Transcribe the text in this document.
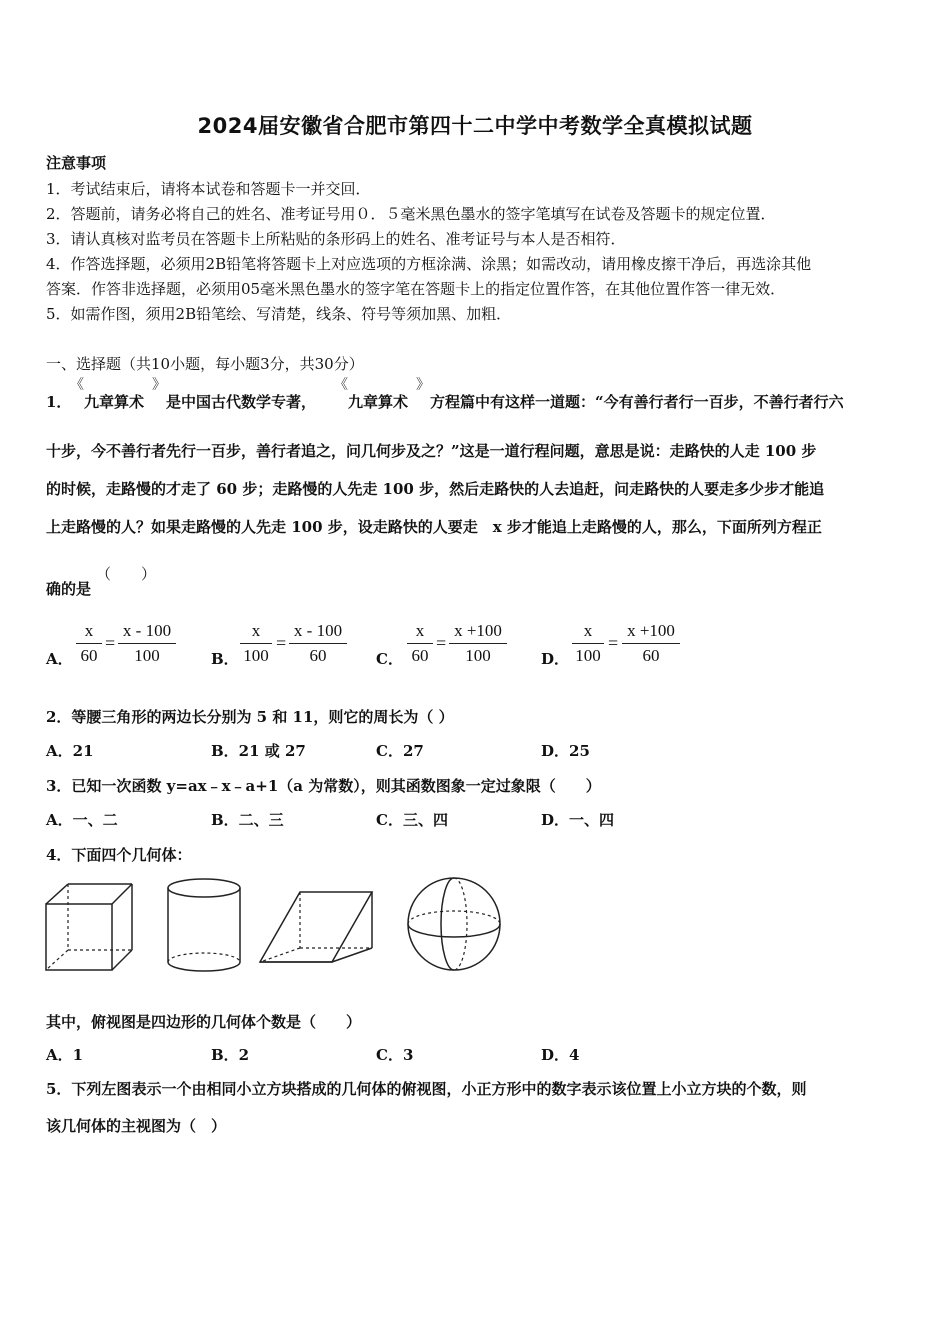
2024届安徽省合肥市第四十二中学中考数学全真模拟试题
注意事项
1．考试结束后，请将本试卷和答题卡一并交回．
2．答题前，请务必将自己的姓名、准考证号用０．５毫米黑色墨水的签字笔填写在试卷及答题卡的规定位置．
3．请认真核对监考员在答题卡上所粘贴的条形码上的姓名、准考证号与本人是否相符．
4．作答选择题，必须用2B铅笔将答题卡上对应选项的方框涂满、涂黑；如需改动，请用橡皮擦干净后，再选涂其他
答案．作答非选择题，必须用05毫米黑色墨水的签字笔在答题卡上的指定位置作答，在其他位置作答一律无效．
5．如需作图，须用2B铅笔绘、写清楚，线条、符号等须加黑、加粗．
一、选择题（共10小题，每小题3分，共30分）
1．
《
九章算术
》
是中国古代数学专著，
《
九章算术
》
方程篇中有这样一道题：“今有善行者行一百步，不善行者行六
十步，今不善行者先行一百步，善行者追之，问几何步及之？”这是一道行程问题，意思是说：走路快的人走 100 步
的时候，走路慢的才走了 60 步；走路慢的人先走 100 步，然后走路快的人去追赶，问走路快的人要走多少步才能追
上走路慢的人？如果走路慢的人先走 100 步，设走路快的人要走　x 步才能追上走路慢的人，那么，下面所列方程正
确的是
（　　）
A．
x
60
=
x - 100
100	B．
x
100
=
x - 100
60	C．
x
60
=
x +100
100	D．
x
100
=
x +100
60
2．等腰三角形的两边长分别为 5 和 11，则它的周长为（ ）
A．21	B．21 或 27	C．27	D．25
3．已知一次函数 y=ax﹣x﹣a+1（a 为常数），则其函数图象一定过象限（　　）
A．一、二	B．二、三	C．三、四	D．一、四
4．下面四个几何体：
其中，俯视图是四边形的几何体个数是（　　）
A．1	B．2	C．3	D．4
5．下列左图表示一个由相同小立方块搭成的几何体的俯视图，小正方形中的数字表示该位置上小立方块的个数，则
该几何体的主视图为（　）
